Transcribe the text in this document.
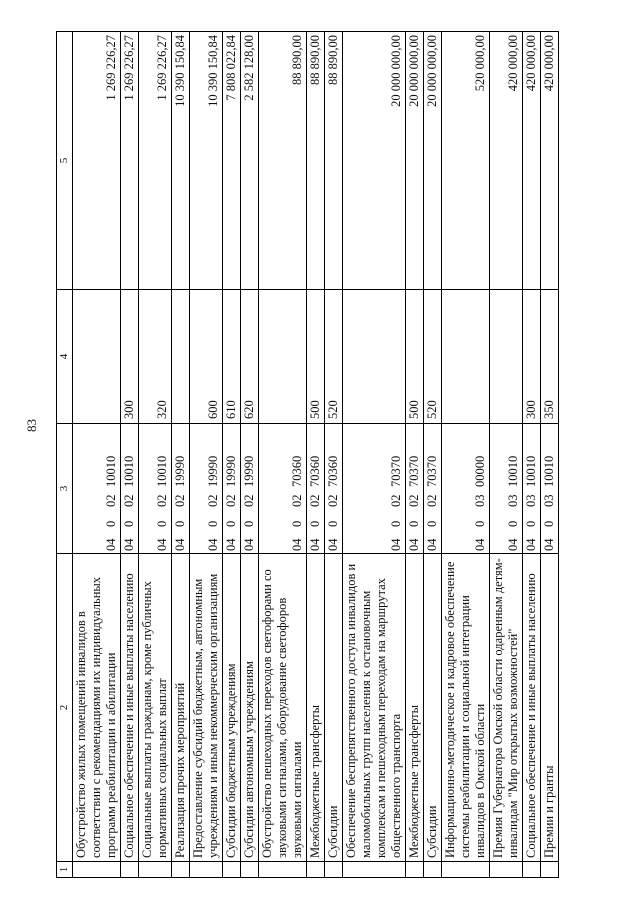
83
1	2	3	4	5
	Обустройство жилых помещений инвалидов в соответствии с рекомендациями их индивидуальных программ реабилитации и абилитации	0400210010		1 269 226,27
	Социальное обеспечение и иные выплаты населению	0400210010	300	1 269 226,27
	Социальные выплаты гражданам, кроме публичных нормативных социальных выплат	0400210010	320	1 269 226,27
	Реализация прочих мероприятий	0400219990		10 390 150,84
	Предоставление субсидий бюджетным, автономным учреждениям и иным некоммерческим организациям	0400219990	600	10 390 150,84
	Субсидии бюджетным учреждениям	0400219990	610	7 808 022,84
	Субсидии автономным учреждениям	0400219990	620	2 582 128,00
	Обустройство пешеходных переходов светофорами со звуковыми сигналами, оборудование светофоров звуковыми сигналами	0400270360		88 890,00
	Межбюджетные трансферты	0400270360	500	88 890,00
	Субсидии	0400270360	520	88 890,00
	Обеспечение беспрепятственного доступа инвалидов и маломобильных групп населения к остановочным комплексам и пешеходным переходам на маршрутах общественного транспорта	0400270370		20 000 000,00
	Межбюджетные трансферты	0400270370	500	20 000 000,00
	Субсидии	0400270370	520	20 000 000,00
	Информационно-методическое и кадровое обеспечение системы реабилитации и социальной интеграции инвалидов в Омской области	0400300000		520 000,00
	Премия Губернатора Омской области одаренным детям-инвалидам "Мир открытых возможностей"	0400310010		420 000,00
	Социальное обеспечение и иные выплаты населению	0400310010	300	420 000,00
	Премии и гранты	0400310010	350	420 000,00
